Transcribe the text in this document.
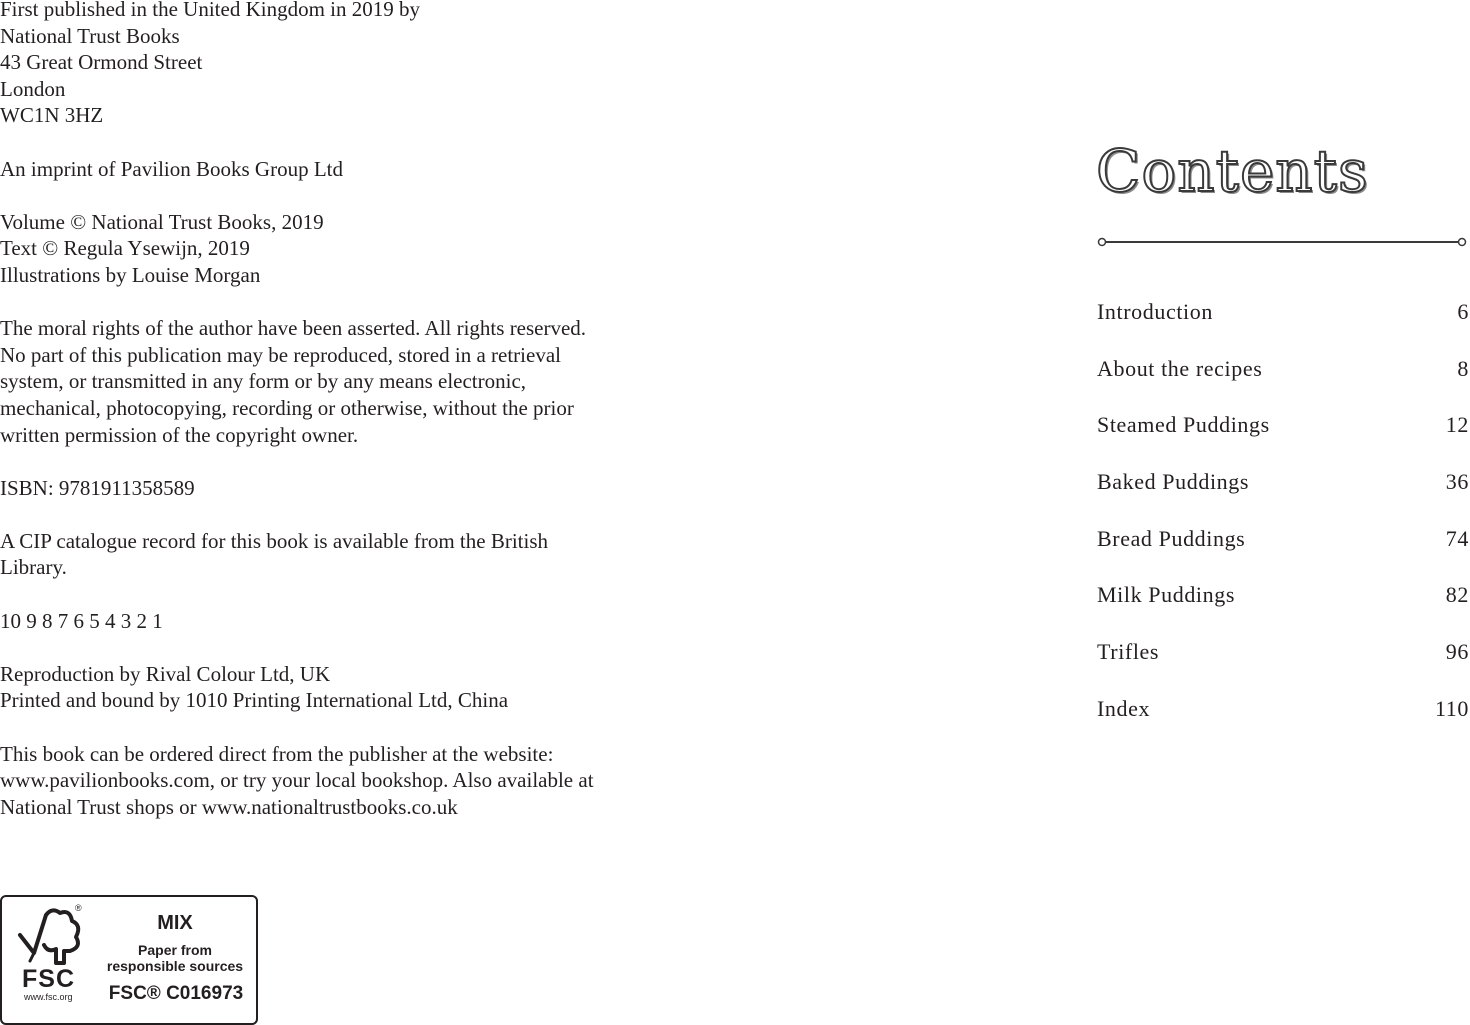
First published in the United Kingdom in 2019 by
National Trust Books
43 Great Ormond Street
London
WC1N 3HZ
An imprint of Pavilion Books Group Ltd
Volume © National Trust Books, 2019
Text © Regula Ysewijn, 2019
Illustrations by Louise Morgan
The moral rights of the author have been asserted. All rights reserved.
No part of this publication may be reproduced, stored in a retrieval
system, or transmitted in any form or by any means electronic,
mechanical, photocopying, recording or otherwise, without the prior
written permission of the copyright owner.
ISBN: 9781911358589
A CIP catalogue record for this book is available from the British
Library.
10 9 8 7 6 5 4 3 2 1
Reproduction by Rival Colour Ltd, UK
Printed and bound by 1010 Printing International Ltd, China
This book can be ordered direct from the publisher at the website:
www.pavilionbooks.com, or try your local bookshop. Also available at
National Trust shops or www.nationaltrustbooks.co.uk
®
FSC
www.fsc.org
MIX
Paper from
responsible sources
FSC® C016973
Contents
Introduction	6
About the recipes	8
Steamed Puddings	12
Baked Puddings	36
Bread Puddings	74
Milk Puddings	82
Trifles	96
Index	110
